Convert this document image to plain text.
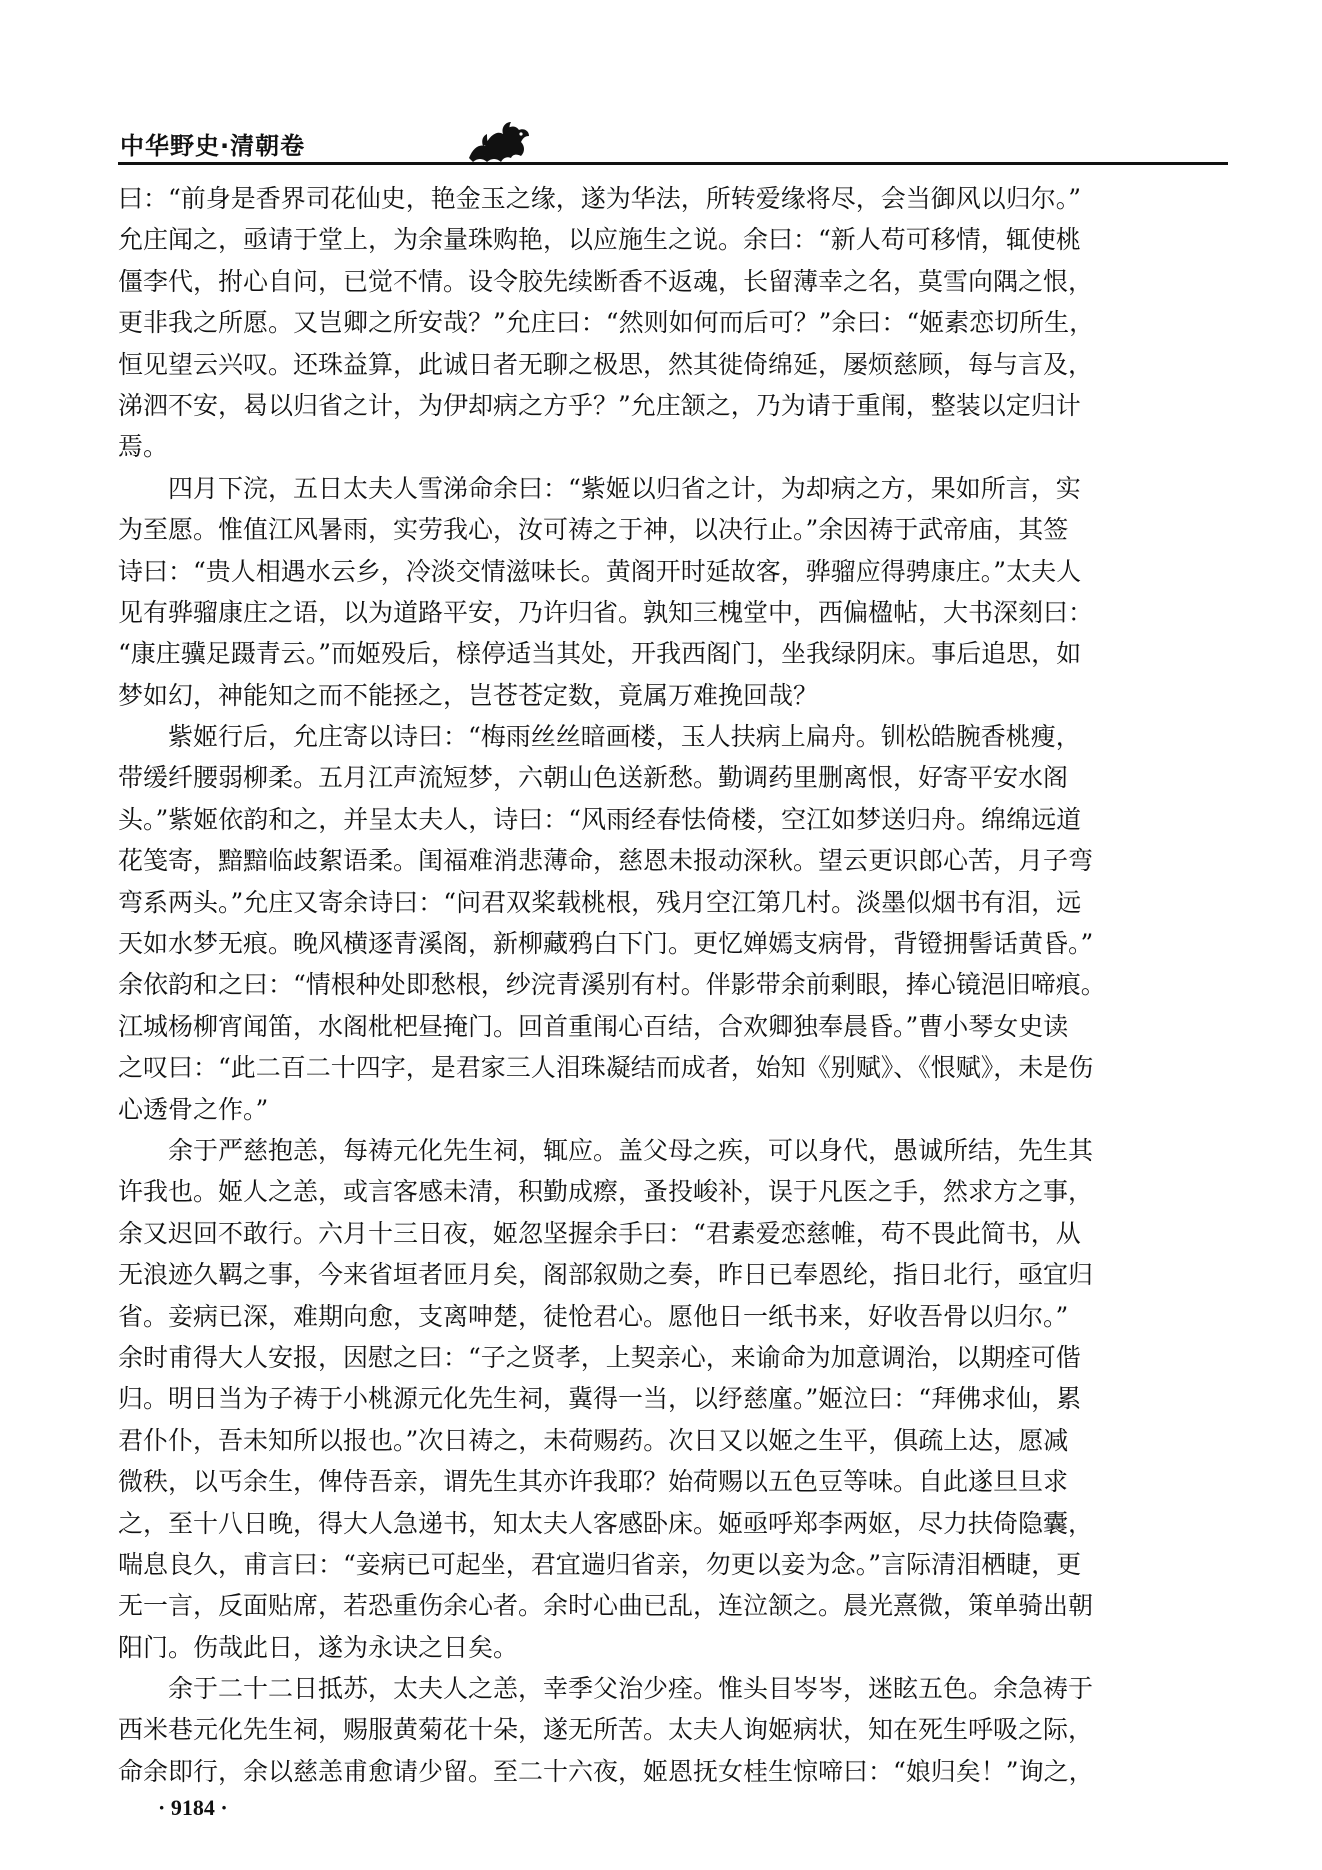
中华野史·清朝卷
曰：“前身是香界司花仙史，艳金玉之缘，遂为华法，所转爱缘将尽，会当御风以归尔。”
允庄闻之，亟请于堂上，为余量珠购艳，以应施生之说。余曰：“新人苟可移情，辄使桃
僵李代，拊心自问，已觉不情。设令胶先续断香不返魂，长留薄幸之名，莫雪向隅之恨，
更非我之所愿。又岂卿之所安哉？”允庄曰：“然则如何而后可？”余曰：“姬素恋切所生，
恒见望云兴叹。还珠益算，此诚日者无聊之极思，然其徙倚绵延，屡烦慈顾，每与言及，
涕泗不安，曷以归省之计，为伊却病之方乎？”允庄颔之，乃为请于重闱，整装以定归计
焉。
　　四月下浣，五日太夫人雪涕命余曰：“紫姬以归省之计，为却病之方，果如所言，实
为至愿。惟值江风暑雨，实劳我心，汝可祷之于神，以决行止。”余因祷于武帝庙，其签
诗曰：“贵人相遇水云乡，冷淡交情滋味长。黄阁开时延故客，骅骝应得骋康庄。”太夫人
见有骅骝康庄之语，以为道路平安，乃许归省。孰知三槐堂中，西偏楹帖，大书深刻曰：
“康庄骥足蹑青云。”而姬殁后，榇停适当其处，开我西阁门，坐我绿阴床。事后追思，如
梦如幻，神能知之而不能拯之，岂苍苍定数，竟属万难挽回哉？
　　紫姬行后，允庄寄以诗曰：“梅雨丝丝暗画楼，玉人扶病上扁舟。钏松皓腕香桃瘦，
带缓纤腰弱柳柔。五月江声流短梦，六朝山色送新愁。勤调药里删离恨，好寄平安水阁
头。”紫姬依韵和之，并呈太夫人，诗曰：“风雨经春怯倚楼，空江如梦送归舟。绵绵远道
花笺寄，黯黯临歧絮语柔。闺福难消悲薄命，慈恩未报动深秋。望云更识郎心苦，月子弯
弯系两头。”允庄又寄余诗曰：“问君双桨载桃根，残月空江第几村。淡墨似烟书有泪，远
天如水梦无痕。晚风横逐青溪阁，新柳藏鸦白下门。更忆婵嫣支病骨，背镫拥髻话黄昏。”
余依韵和之曰：“情根种处即愁根，纱浣青溪别有村。伴影带余前剩眼，捧心镜浥旧啼痕。
江城杨柳宵闻笛，水阁枇杷昼掩门。回首重闱心百结，合欢卿独奉晨昏。”曹小琴女史读
之叹曰：“此二百二十四字，是君家三人泪珠凝结而成者，始知《别赋》、《恨赋》，未是伤
心透骨之作。”
　　余于严慈抱恙，每祷元化先生祠，辄应。盖父母之疾，可以身代，愚诚所结，先生其
许我也。姬人之恙，或言客感未清，积勤成瘵，蚤投峻补，误于凡医之手，然求方之事，
余又迟回不敢行。六月十三日夜，姬忽坚握余手曰：“君素爱恋慈帷，苟不畏此简书，从
无浪迹久羁之事，今来省垣者匝月矣，阁部叙勋之奏，昨日已奉恩纶，指日北行，亟宜归
省。妾病已深，难期向愈，支离呻楚，徒怆君心。愿他日一纸书来，好收吾骨以归尔。”
余时甫得大人安报，因慰之曰：“子之贤孝，上契亲心，来谕命为加意调治，以期痊可偕
归。明日当为子祷于小桃源元化先生祠，冀得一当，以纾慈廑。”姬泣曰：“拜佛求仙，累
君仆仆，吾未知所以报也。”次日祷之，未荷赐药。次日又以姬之生平，俱疏上达，愿减
微秩，以丐余生，俾侍吾亲，谓先生其亦许我耶？始荷赐以五色豆等味。自此遂旦旦求
之，至十八日晚，得大人急递书，知太夫人客感卧床。姬亟呼郑李两妪，尽力扶倚隐囊，
喘息良久，甫言曰：“妾病已可起坐，君宜遄归省亲，勿更以妾为念。”言际清泪栖睫，更
无一言，反面贴席，若恐重伤余心者。余时心曲已乱，连泣颔之。晨光熹微，策单骑出朝
阳门。伤哉此日，遂为永诀之日矣。
　　余于二十二日抵苏，太夫人之恙，幸季父治少痊。惟头目岑岑，迷眩五色。余急祷于
西米巷元化先生祠，赐服黄菊花十朵，遂无所苦。太夫人询姬病状，知在死生呼吸之际，
命余即行，余以慈恙甫愈请少留。至二十六夜，姬恩抚女桂生惊啼曰：“娘归矣！”询之，
· 9184 ·
